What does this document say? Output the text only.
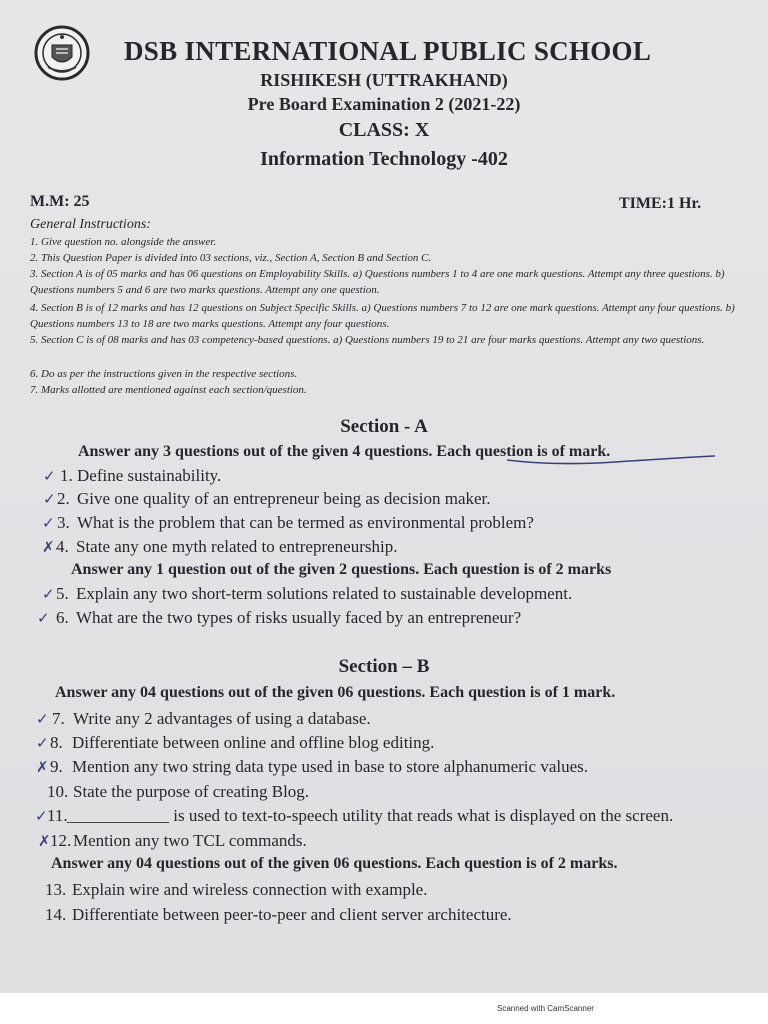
DSB INTERNATIONAL PUBLIC SCHOOL
RISHIKESH (UTTRAKHAND)
Pre Board Examination 2 (2021-22)
CLASS: X
Information Technology -402
M.M: 25	TIME:1 Hr.
General Instructions:
1. Give question no. alongside the answer.
2. This Question Paper is divided into 03 sections, viz., Section A, Section B and Section C.
3. Section A is of 05 marks and has 06 questions on Employability Skills. a) Questions numbers 1 to 4 are one mark questions. Attempt any three questions. b) Questions numbers 5 and 6 are two marks questions. Attempt any one question.
4. Section B is of 12 marks and has 12 questions on Subject Specific Skills. a) Questions numbers 7 to 12 are one mark questions. Attempt any four questions. b) Questions numbers 13 to 18 are two marks questions. Attempt any four questions.
5. Section C is of 08 marks and has 03 competency-based questions. a) Questions numbers 19 to 21 are four marks questions. Attempt any two questions.
6. Do as per the instructions given in the respective sections.
7. Marks allotted are mentioned against each section/question.
Section - A
Answer any 3 questions out of the given 4 questions. Each question is of mark.
✓ 1. Define sustainability.
✓ 2. Give one quality of an entrepreneur being as decision maker.
✓ 3. What is the problem that can be termed as environmental problem?
✗ 4. State any one myth related to entrepreneurship.
Answer any 1 question out of the given 2 questions. Each question is of 2 marks
✓ 5. Explain any two short-term solutions related to sustainable development.
✓ 6. What are the two types of risks usually faced by an entrepreneur?
Section – B
Answer any 04 questions out of the given 06 questions. Each question is of 1 mark.
✓ 7. Write any 2 advantages of using a database.
✓ 8. Differentiate between online and offline blog editing.
✗ 9. Mention any two string data type used in base to store alphanumeric values.
10. State the purpose of creating Blog.
✓ 11. ____________ is used to text-to-speech utility that reads what is displayed on the screen.
✗ 12. Mention any two TCL commands.
Answer any 04 questions out of the given 06 questions. Each question is of 2 marks.
13. Explain wire and wireless connection with example.
14. Differentiate between peer-to-peer and client server architecture.
Scanned with CamScanner
